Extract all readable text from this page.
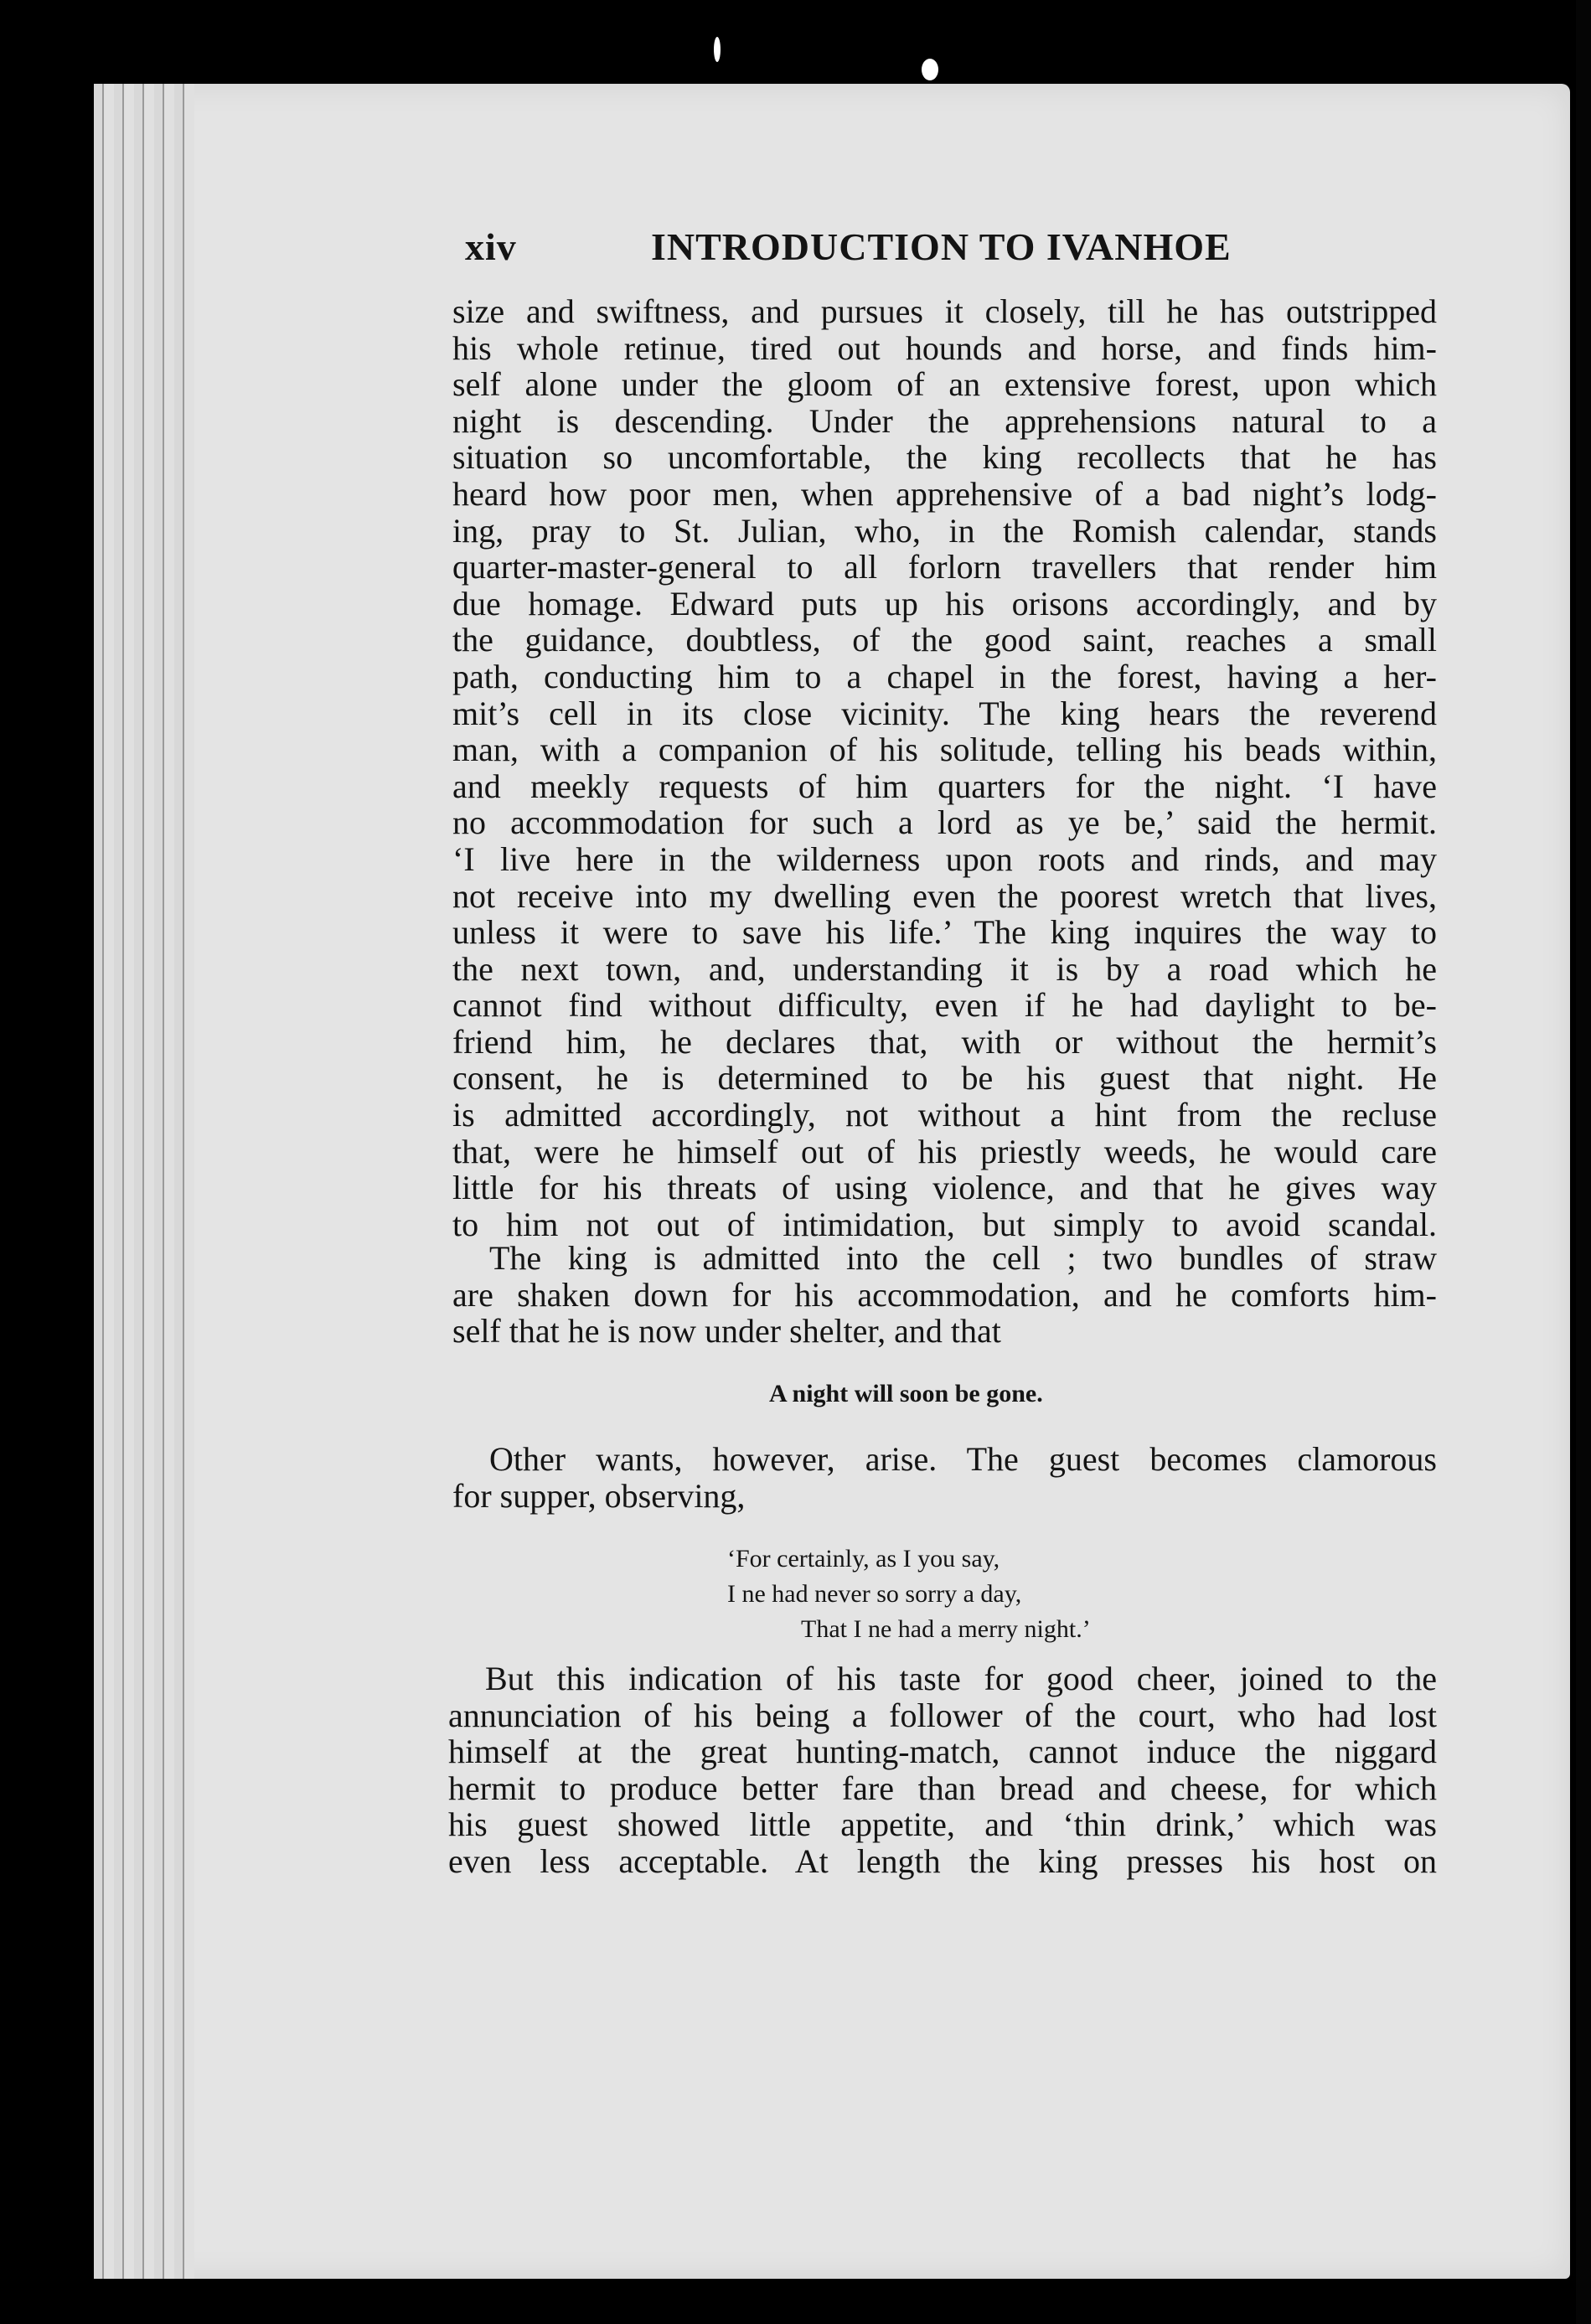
xiv	INTRODUCTION TO IVANHOE

size and swiftness, and pursues it closely, till he has outstripped
his whole retinue, tired out hounds and horse, and finds him-
self alone under the gloom of an extensive forest, upon which
night is descending. Under the apprehensions natural to a
situation so uncomfortable, the king recollects that he has
heard how poor men, when apprehensive of a bad night’s lodg-
ing, pray to St. Julian, who, in the Romish calendar, stands
quarter-master-general to all forlorn travellers that render him
due homage. Edward puts up his orisons accordingly, and by
the guidance, doubtless, of the good saint, reaches a small
path, conducting him to a chapel in the forest, having a her-
mit’s cell in its close vicinity. The king hears the reverend
man, with a companion of his solitude, telling his beads within,
and meekly requests of him quarters for the night. ‘I have
no accommodation for such a lord as ye be,’ said the hermit.
‘I live here in the wilderness upon roots and rinds, and may
not receive into my dwelling even the poorest wretch that lives,
unless it were to save his life.’ The king inquires the way to
the next town, and, understanding it is by a road which he
cannot find without difficulty, even if he had daylight to be-
friend him, he declares that, with or without the hermit’s
consent, he is determined to be his guest that night. He
is admitted accordingly, not without a hint from the recluse
that, were he himself out of his priestly weeds, he would care
little for his threats of using violence, and that he gives way
to him not out of intimidation, but simply to avoid scandal.

The king is admitted into the cell ; two bundles of straw
are shaken down for his accommodation, and he comforts him-
self that he is now under shelter, and that

A night will soon be gone.

Other wants, however, arise. The guest becomes clamorous
for supper, observing,

‘For certainly, as I you say,
I ne had never so sorry a day,
That I ne had a merry night.’

But this indication of his taste for good cheer, joined to the
annunciation of his being a follower of the court, who had lost
himself at the great hunting-match, cannot induce the niggard
hermit to produce better fare than bread and cheese, for which
his guest showed little appetite, and ‘thin drink,’ which was
even less acceptable. At length the king presses his host on
